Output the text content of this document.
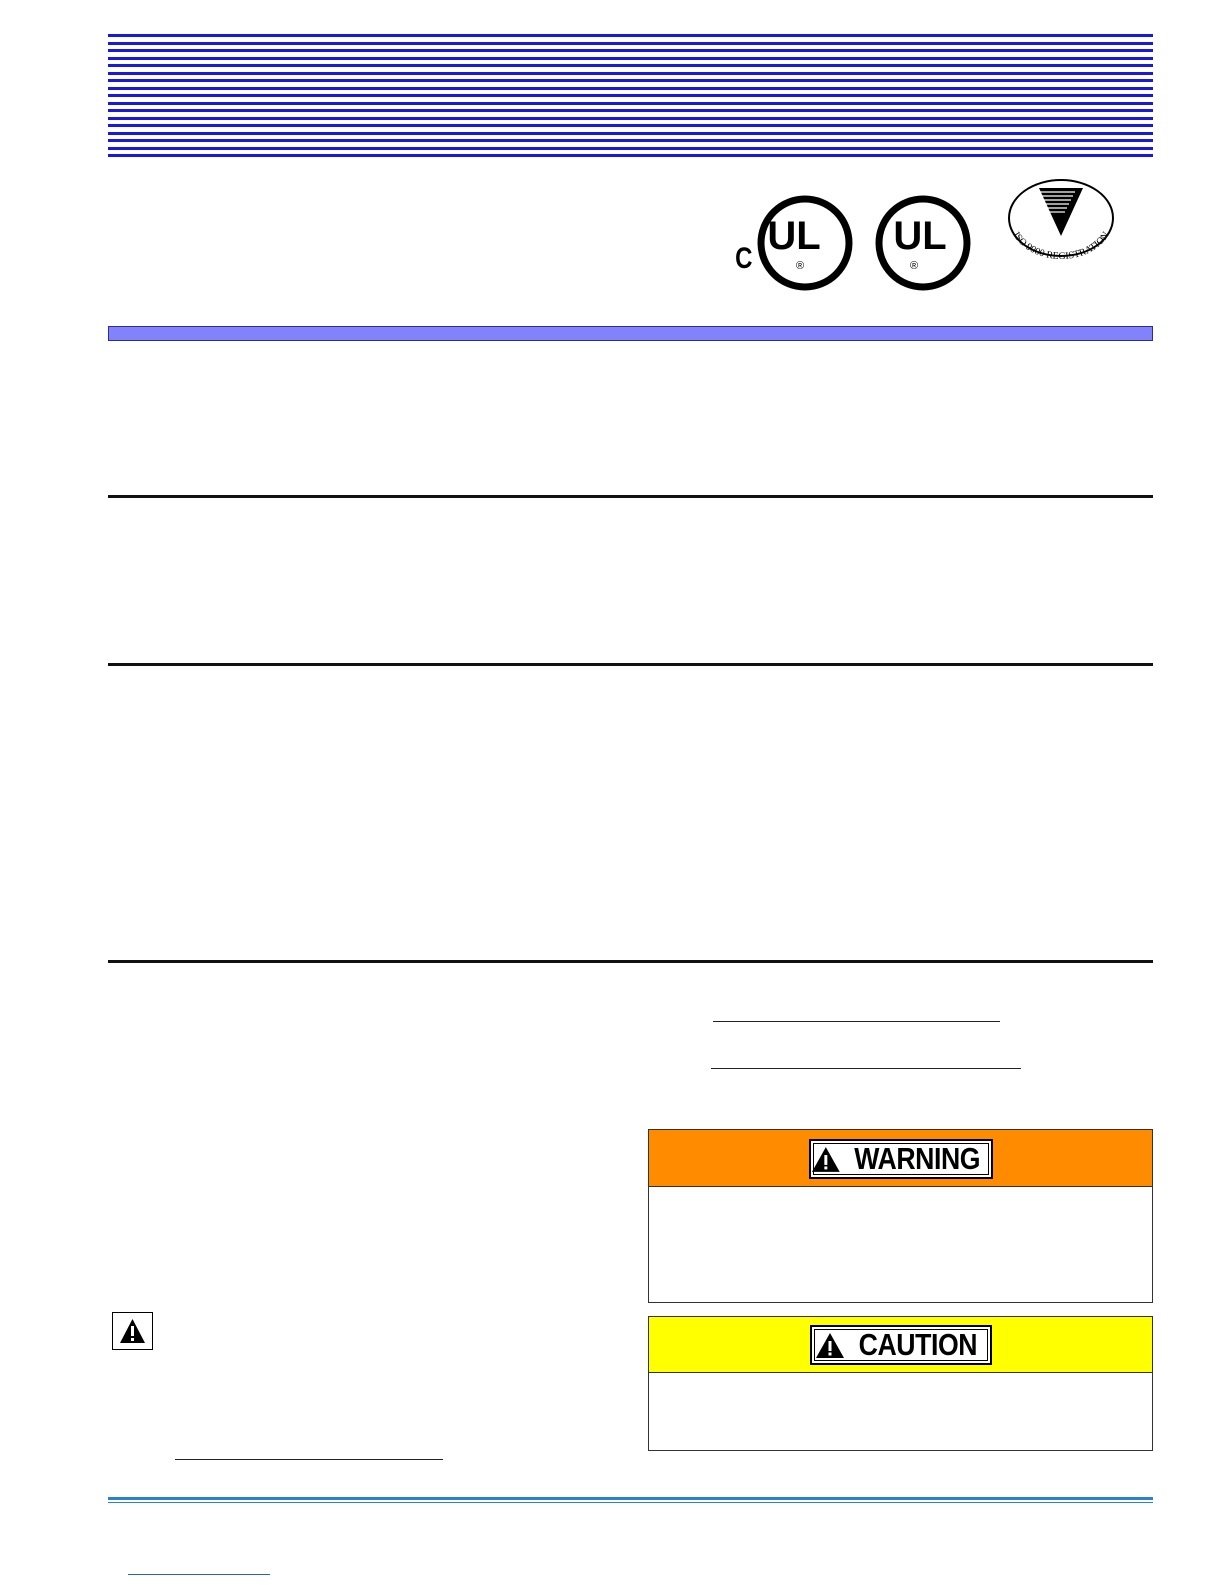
C UL
®
UL
®
ISO 9000 REGISTRATION
WARNING
CAUTION
